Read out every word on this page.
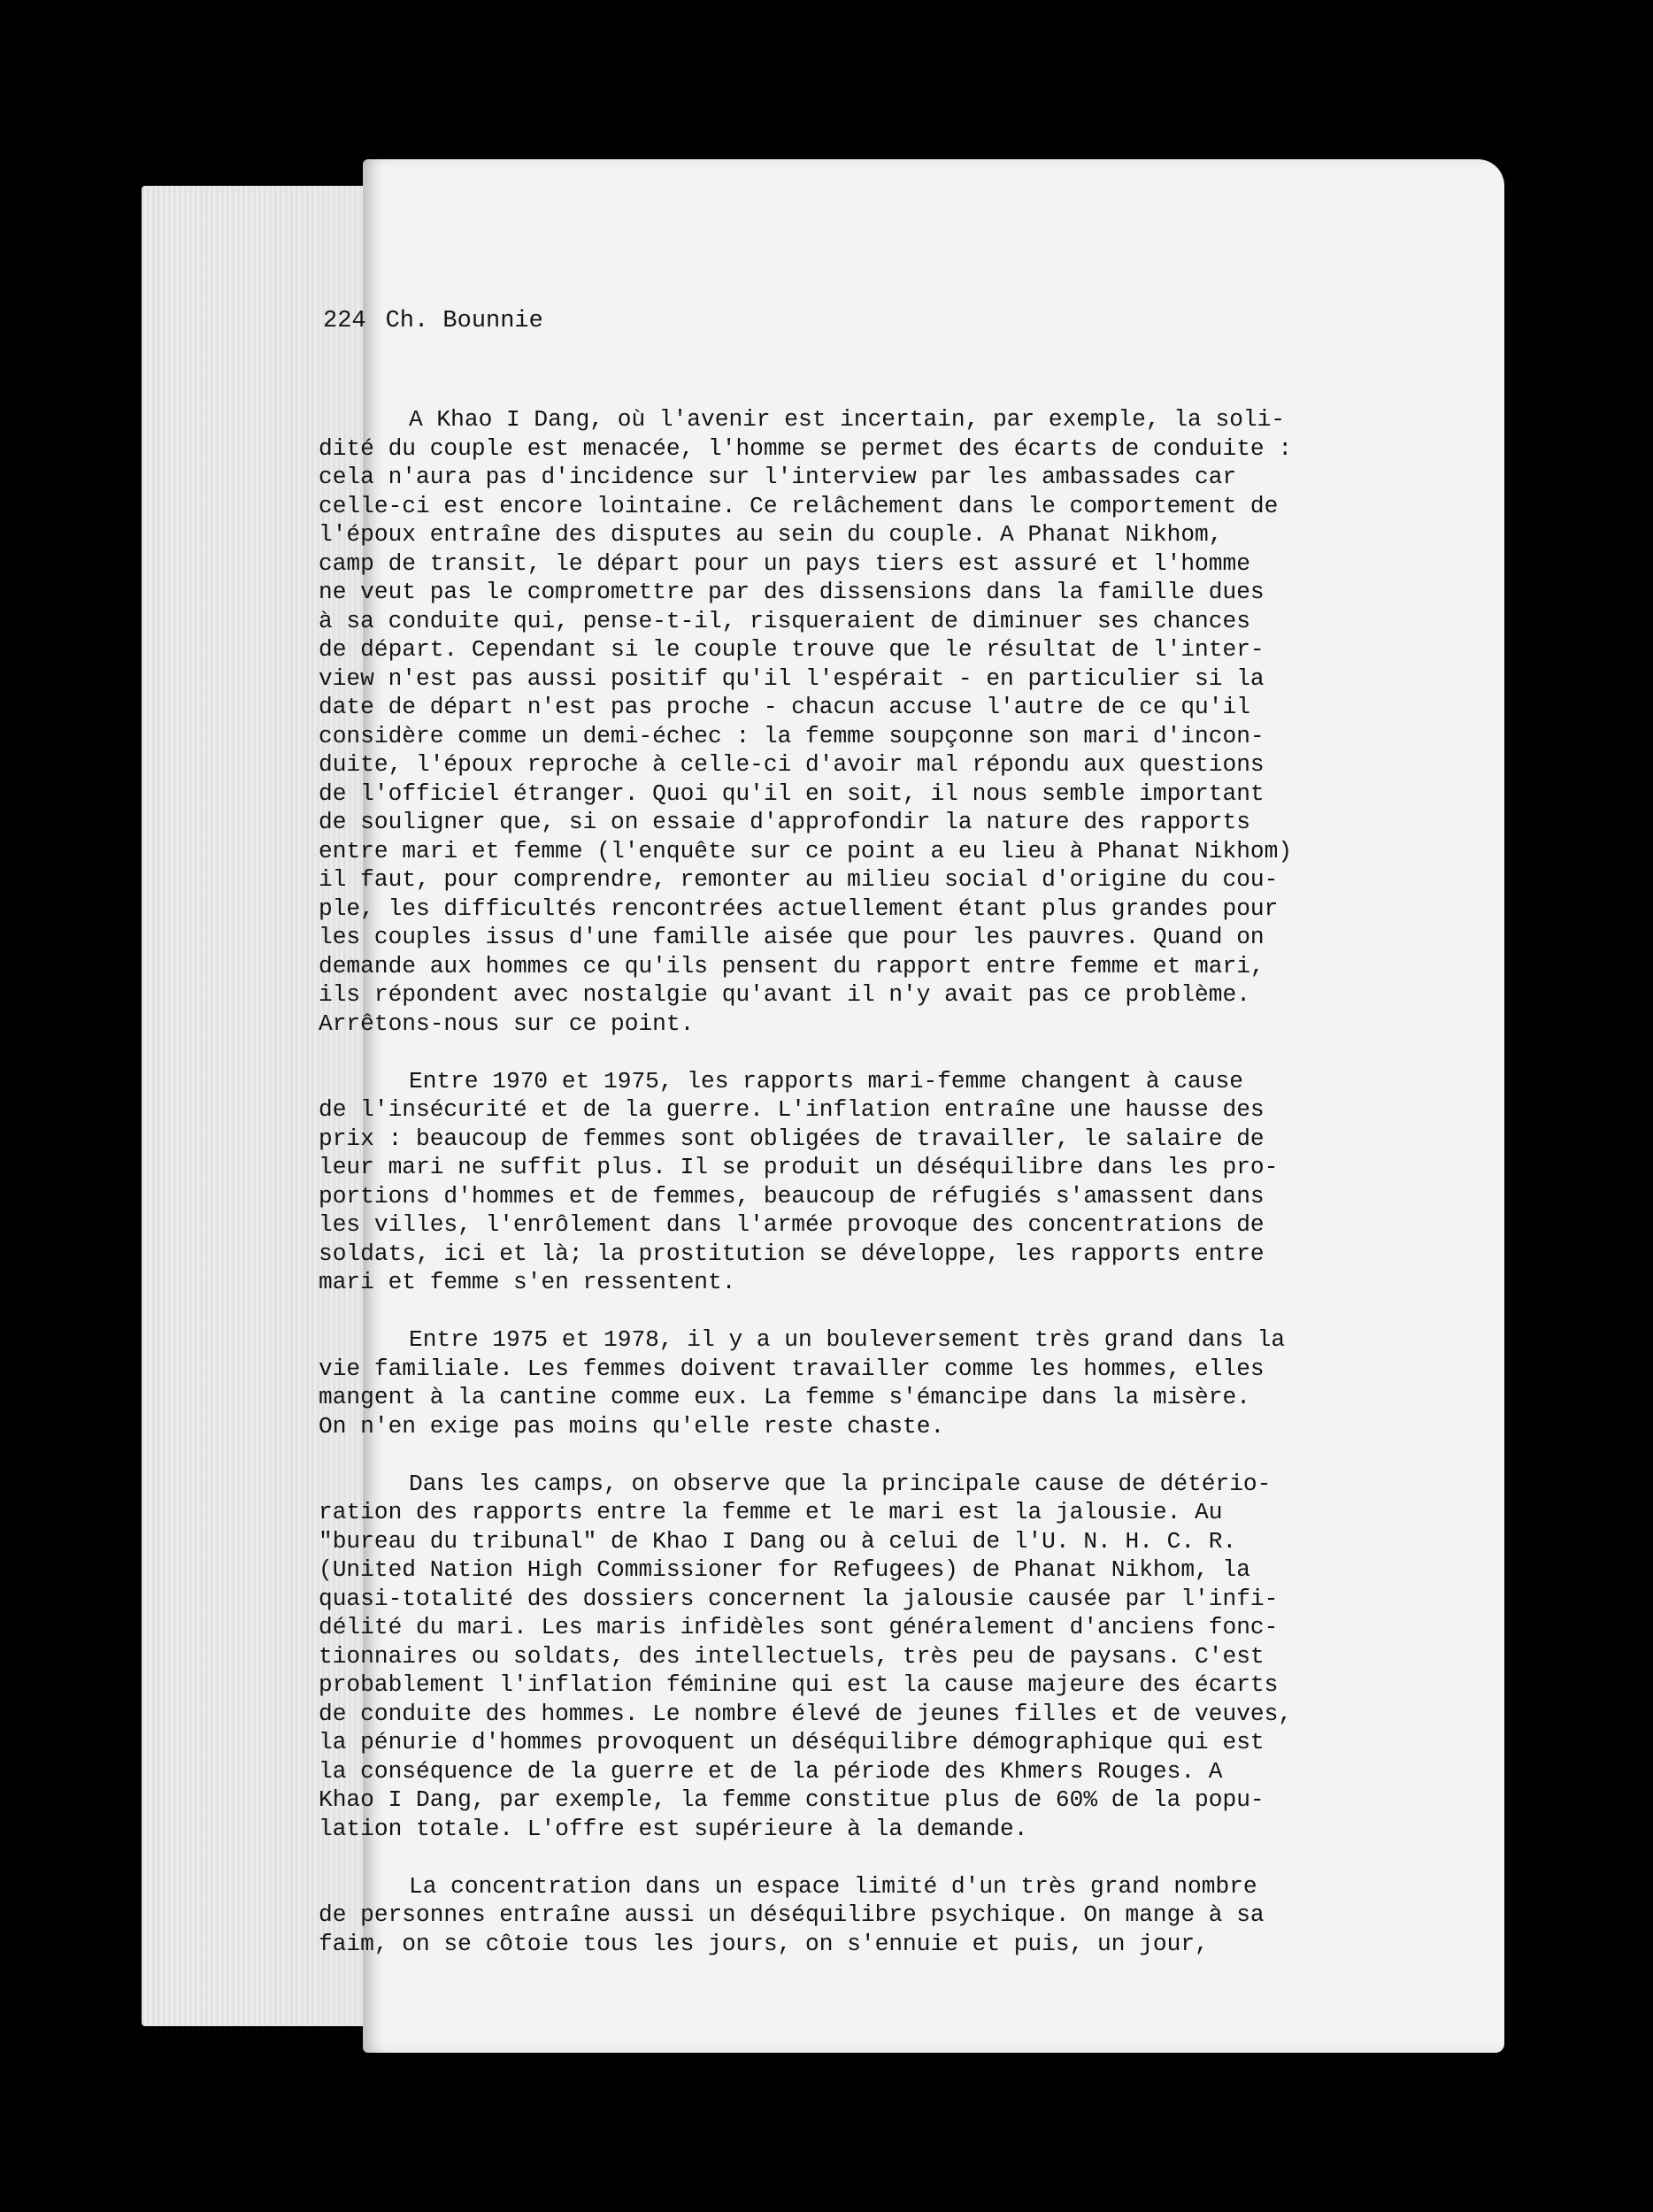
224 Ch. Bounnie
A Khao I Dang, où l'avenir est incertain, par exemple, la soli-
dité du couple est menacée, l'homme se permet des écarts de conduite :
cela n'aura pas d'incidence sur l'interview par les ambassades car
celle-ci est encore lointaine. Ce relâchement dans le comportement de
l'époux entraîne des disputes au sein du couple. A Phanat Nikhom,
camp de transit, le départ pour un pays tiers est assuré et l'homme
ne veut pas le compromettre par des dissensions dans la famille dues
à sa conduite qui, pense-t-il, risqueraient de diminuer ses chances
de départ. Cependant si le couple trouve que le résultat de l'inter-
view n'est pas aussi positif qu'il l'espérait - en particulier si la
date de départ n'est pas proche - chacun accuse l'autre de ce qu'il
considère comme un demi-échec : la femme soupçonne son mari d'incon-
duite, l'époux reproche à celle-ci d'avoir mal répondu aux questions
de l'officiel étranger. Quoi qu'il en soit, il nous semble important
de souligner que, si on essaie d'approfondir la nature des rapports
entre mari et femme (l'enquête sur ce point a eu lieu à Phanat Nikhom)
il faut, pour comprendre, remonter au milieu social d'origine du cou-
ple, les difficultés rencontrées actuellement étant plus grandes pour
les couples issus d'une famille aisée que pour les pauvres. Quand on
demande aux hommes ce qu'ils pensent du rapport entre femme et mari,
ils répondent avec nostalgie qu'avant il n'y avait pas ce problème.
Arrêtons-nous sur ce point.
Entre 1970 et 1975, les rapports mari-femme changent à cause
de l'insécurité et de la guerre. L'inflation entraîne une hausse des
prix : beaucoup de femmes sont obligées de travailler, le salaire de
leur mari ne suffit plus. Il se produit un déséquilibre dans les pro-
portions d'hommes et de femmes, beaucoup de réfugiés s'amassent dans
les villes, l'enrôlement dans l'armée provoque des concentrations de
soldats, ici et là; la prostitution se développe, les rapports entre
mari et femme s'en ressentent.
Entre 1975 et 1978, il y a un bouleversement très grand dans la
vie familiale. Les femmes doivent travailler comme les hommes, elles
mangent à la cantine comme eux. La femme s'émancipe dans la misère.
On n'en exige pas moins qu'elle reste chaste.
Dans les camps, on observe que la principale cause de détério-
ration des rapports entre la femme et le mari est la jalousie. Au
"bureau du tribunal" de Khao I Dang ou à celui de l'U. N. H. C. R.
(United Nation High Commissioner for Refugees) de Phanat Nikhom, la
quasi-totalité des dossiers concernent la jalousie causée par l'infi-
délité du mari. Les maris infidèles sont généralement d'anciens fonc-
tionnaires ou soldats, des intellectuels, très peu de paysans. C'est
probablement l'inflation féminine qui est la cause majeure des écarts
de conduite des hommes. Le nombre élevé de jeunes filles et de veuves,
la pénurie d'hommes provoquent un déséquilibre démographique qui est
la conséquence de la guerre et de la période des Khmers Rouges. A
Khao I Dang, par exemple, la femme constitue plus de 60% de la popu-
lation totale. L'offre est supérieure à la demande.
La concentration dans un espace limité d'un très grand nombre
de personnes entraîne aussi un déséquilibre psychique. On mange à sa
faim, on se côtoie tous les jours, on s'ennuie et puis, un jour,
